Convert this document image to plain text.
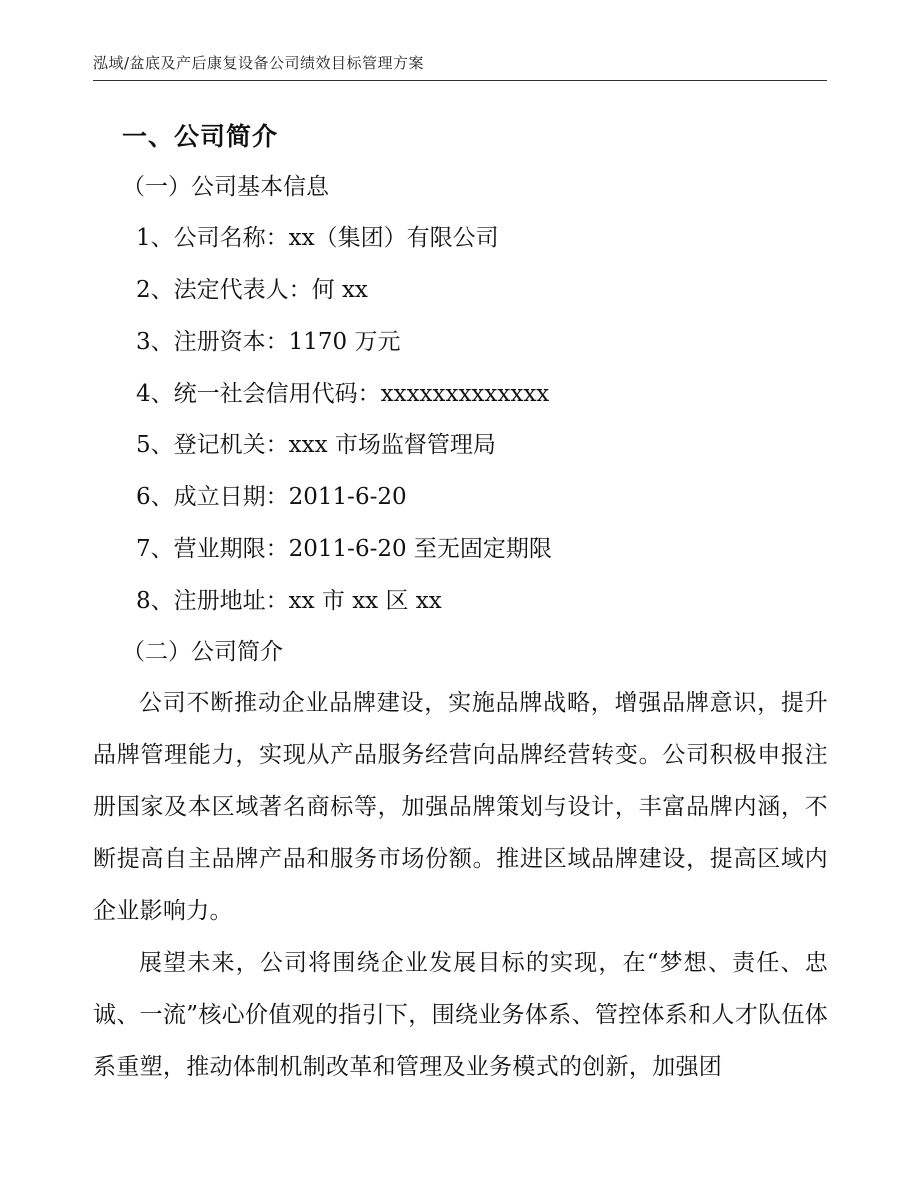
泓域/盆底及产后康复设备公司绩效目标管理方案
一、公司简介
（一）公司基本信息
1、公司名称：xx（集团）有限公司
2、法定代表人：何 xx
3、注册资本：1170 万元
4、统一社会信用代码：xxxxxxxxxxxxx
5、登记机关：xxx 市场监督管理局
6、成立日期：2011-6-20
7、营业期限：2011-6-20 至无固定期限
8、注册地址：xx 市 xx 区 xx
（二）公司简介
公司不断推动企业品牌建设，实施品牌战略，增强品牌意识，提升品牌管理能力，实现从产品服务经营向品牌经营转变。公司积极申报注册国家及本区域著名商标等，加强品牌策划与设计，丰富品牌内涵，不断提高自主品牌产品和服务市场份额。推进区域品牌建设，提高区域内企业影响力。
展望未来，公司将围绕企业发展目标的实现，在“梦想、责任、忠诚、一流”核心价值观的指引下，围绕业务体系、管控体系和人才队伍体系重塑，推动体制机制改革和管理及业务模式的创新，加强团
